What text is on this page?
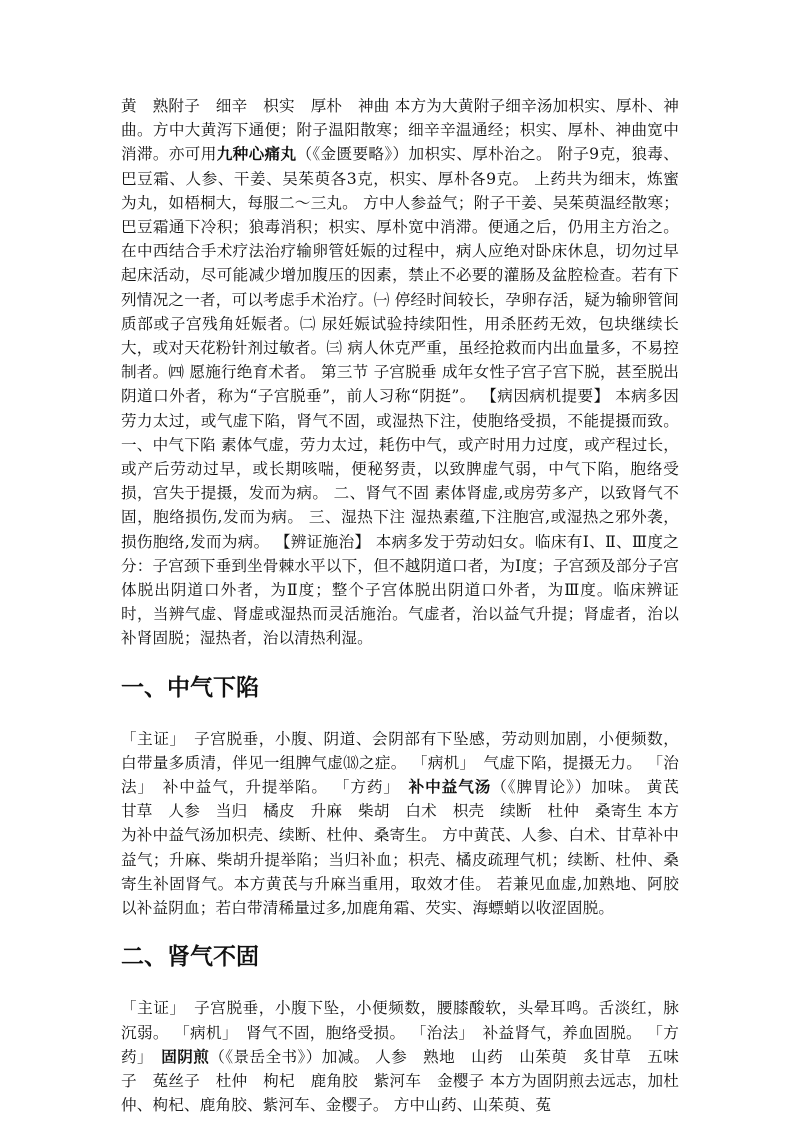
黄　熟附子　细辛　枳实　厚朴　神曲 本方为大黄附子细辛汤加枳实、厚朴、神曲。方中大黄泻下通便；附子温阳散寒；细辛辛温通经；枳实、厚朴、神曲宽中消滞。亦可用九种心痛丸（《金匮要略》）加枳实、厚朴治之。 附子9克，狼毒、巴豆霜、人参、干姜、吴茱萸各3克，枳实、厚朴各9克。 上药共为细末，炼蜜为丸，如梧桐大，每服二～三丸。 方中人参益气；附子干姜、吴茱萸温经散寒；巴豆霜通下冷积；狼毒消积；枳实、厚朴宽中消滞。便通之后，仍用主方治之。 在中西结合手术疗法治疗输卵管妊娠的过程中，病人应绝对卧床休息，切勿过早起床活动，尽可能减少增加腹压的因素，禁止不必要的灌肠及盆腔检查。若有下列情况之一者，可以考虑手术治疗。㈠ 停经时间较长，孕卵存活，疑为输卵管间质部或子宫残角妊娠者。㈡ 尿妊娠试验持续阳性，用杀胚药无效，包块继续长大，或对天花粉针剂过敏者。㈢ 病人休克严重，虽经抢救而内出血量多，不易控制者。㈣ 愿施行绝育术者。 第三节 子宫脱垂 成年女性子宫子宫下脱，甚至脱出阴道口外者，称为“子宫脱垂”，前人习称“阴挺”。 【病因病机提要】 本病多因劳力太过，或气虚下陷，肾气不固，或湿热下注，使胞络受损，不能提摄而致。 一、中气下陷 素体气虚，劳力太过，耗伤中气，或产时用力过度，或产程过长，或产后劳动过早，或长期咳喘，便秘努责，以致脾虚气弱，中气下陷，胞络受损，宫失于提摄，发而为病。 二、肾气不固 素体肾虚,或房劳多产，以致肾气不固，胞络损伤,发而为病。 三、湿热下注 湿热素蕴,下注胞宫,或湿热之邪外袭，损伤胞络,发而为病。 【辨证施治】 本病多发于劳动妇女。临床有Ⅰ、Ⅱ、Ⅲ度之分：子宫颈下垂到坐骨棘水平以下，但不越阴道口者，为Ⅰ度；子宫颈及部分子宫体脱出阴道口外者，为Ⅱ度；整个子宫体脱出阴道口外者，为Ⅲ度。临床辨证时，当辨气虚、肾虚或湿热而灵活施治。气虚者，治以益气升提；肾虚者，治以补肾固脱；湿热者，治以清热利湿。

一、中气下陷

「主证」　子宫脱垂，小腹、阴道、会阴部有下坠感，劳动则加剧，小便频数，白带量多质清，伴见一组脾气虚⒅之症。 「病机」　气虚下陷，提摄无力。 「治法」　补中益气，升提举陷。 「方药」　补中益气汤（《脾胃论》）加味。 黄芪　甘草　人参　当归　橘皮　升麻　柴胡　白术　枳壳　续断　杜仲　桑寄生 本方为补中益气汤加枳壳、续断、杜仲、桑寄生。 方中黄芪、人参、白术、甘草补中益气；升麻、柴胡升提举陷；当归补血；枳壳、橘皮疏理气机；续断、杜仲、桑寄生补固肾气。本方黄芪与升麻当重用，取效才佳。 若兼见血虚,加熟地、阿胶以补益阴血；若白带清稀量过多,加鹿角霜、芡实、海螵蛸以收涩固脱。

二、肾气不固

「主证」　子宫脱垂，小腹下坠，小便频数，腰膝酸软，头晕耳鸣。舌淡红，脉沉弱。 「病机」　肾气不固，胞络受损。 「治法」　补益肾气，养血固脱。 「方药」　固阴煎（《景岳全书》）加减。 人参　熟地　山药　山茱萸　炙甘草　五味子　菟丝子　杜仲　枸杞　鹿角胶　紫河车　金樱子 本方为固阴煎去远志，加杜仲、枸杞、鹿角胶、紫河车、金樱子。 方中山药、山茱萸、菟
